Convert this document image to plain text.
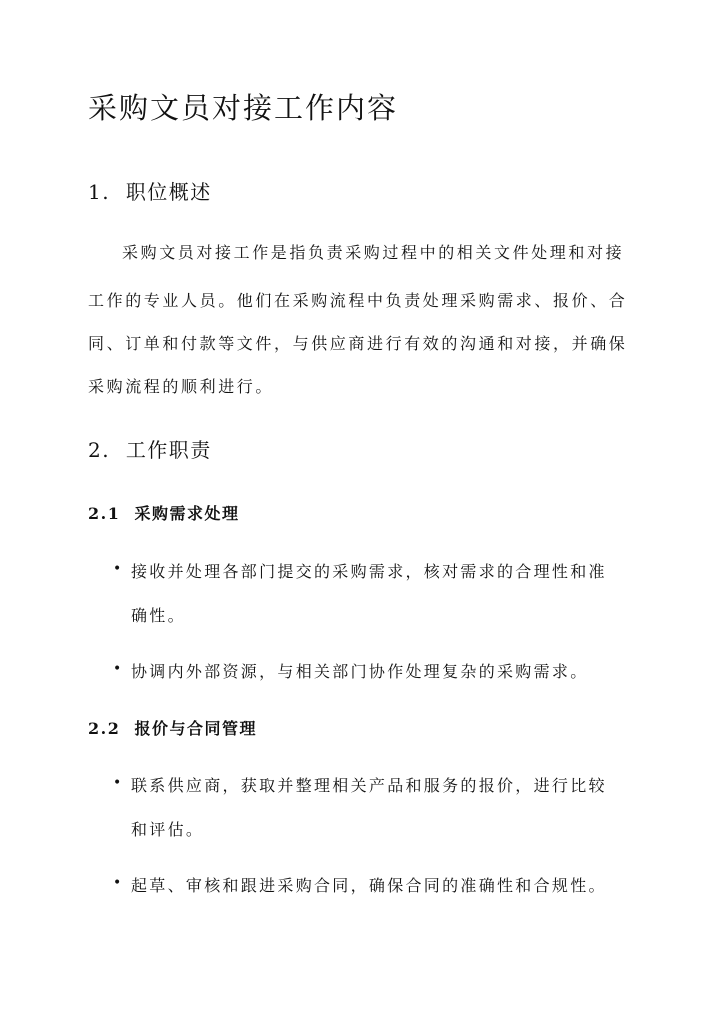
采购文员对接工作内容
1. 职位概述

采购文员对接工作是指负责采购过程中的相关文件处理和对接

工作的专业人员。他们在采购流程中负责处理采购需求、报价、合

同、订单和付款等文件，与供应商进行有效的沟通和对接，并确保

采购流程的顺利进行。

2. 工作职责
2.1 采购需求处理
• 接收并处理各部门提交的采购需求，核对需求的合理性和准

确性。

• 协调内外部资源，与相关部门协作处理复杂的采购需求。

2.2 报价与合同管理
• 联系供应商，获取并整理相关产品和服务的报价，进行比较

和评估。

• 起草、审核和跟进采购合同，确保合同的准确性和合规性。
